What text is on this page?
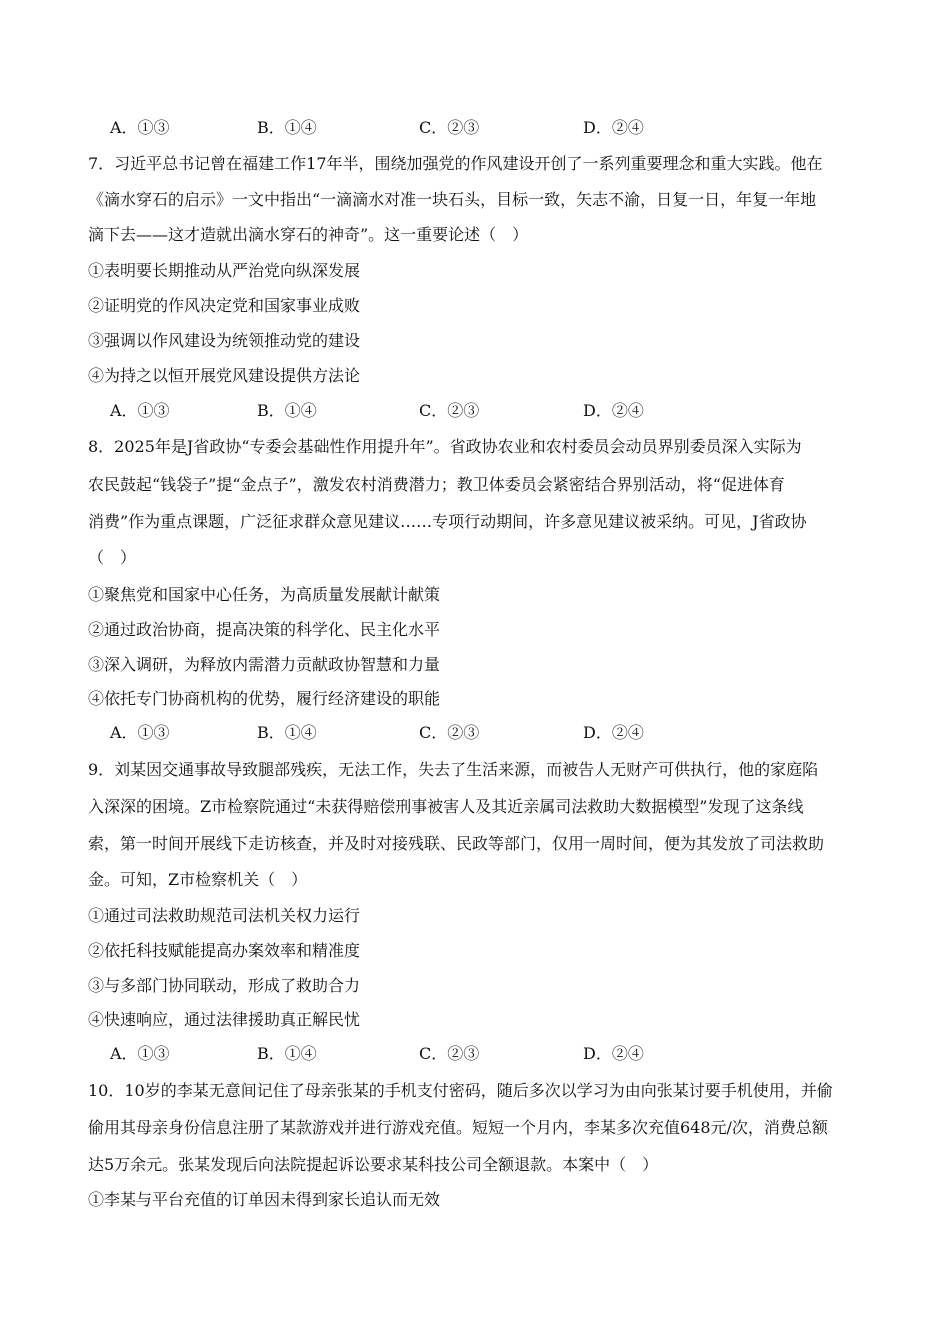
A．①③	B．①④	C．②③	D．②④
7．习近平总书记曾在福建工作17年半，围绕加强党的作风建设开创了一系列重要理念和重大实践。他在
《滴水穿石的启示》一文中指出“一滴滴水对准一块石头，目标一致，矢志不渝，日复一日，年复一年地
滴下去——这才造就出滴水穿石的神奇”。这一重要论述（　）
①表明要长期推动从严治党向纵深发展
②证明党的作风决定党和国家事业成败
③强调以作风建设为统领推动党的建设
④为持之以恒开展党风建设提供方法论
A．①③	B．①④	C．②③	D．②④
8．2025年是J省政协“专委会基础性作用提升年”。省政协农业和农村委员会动员界别委员深入实际为
农民鼓起“钱袋子”提“金点子”，激发农村消费潜力；教卫体委员会紧密结合界别活动，将“促进体育
消费”作为重点课题，广泛征求群众意见建议……专项行动期间，许多意见建议被采纳。可见，J省政协
（　）
①聚焦党和国家中心任务，为高质量发展献计献策
②通过政治协商，提高决策的科学化、民主化水平
③深入调研，为释放内需潜力贡献政协智慧和力量
④依托专门协商机构的优势，履行经济建设的职能
A．①③	B．①④	C．②③	D．②④
9．刘某因交通事故导致腿部残疾，无法工作，失去了生活来源，而被告人无财产可供执行，他的家庭陷
入深深的困境。Z市检察院通过“未获得赔偿刑事被害人及其近亲属司法救助大数据模型”发现了这条线
索，第一时间开展线下走访核查，并及时对接残联、民政等部门，仅用一周时间，便为其发放了司法救助
金。可知，Z市检察机关（　）
①通过司法救助规范司法机关权力运行
②依托科技赋能提高办案效率和精准度
③与多部门协同联动，形成了救助合力
④快速响应，通过法律援助真正解民忧
A．①③	B．①④	C．②③	D．②④
10．10岁的李某无意间记住了母亲张某的手机支付密码，随后多次以学习为由向张某讨要手机使用，并偷
偷用其母亲身份信息注册了某款游戏并进行游戏充值。短短一个月内，李某多次充值648元/次，消费总额
达5万余元。张某发现后向法院提起诉讼要求某科技公司全额退款。本案中（　）
①李某与平台充值的订单因未得到家长追认而无效
